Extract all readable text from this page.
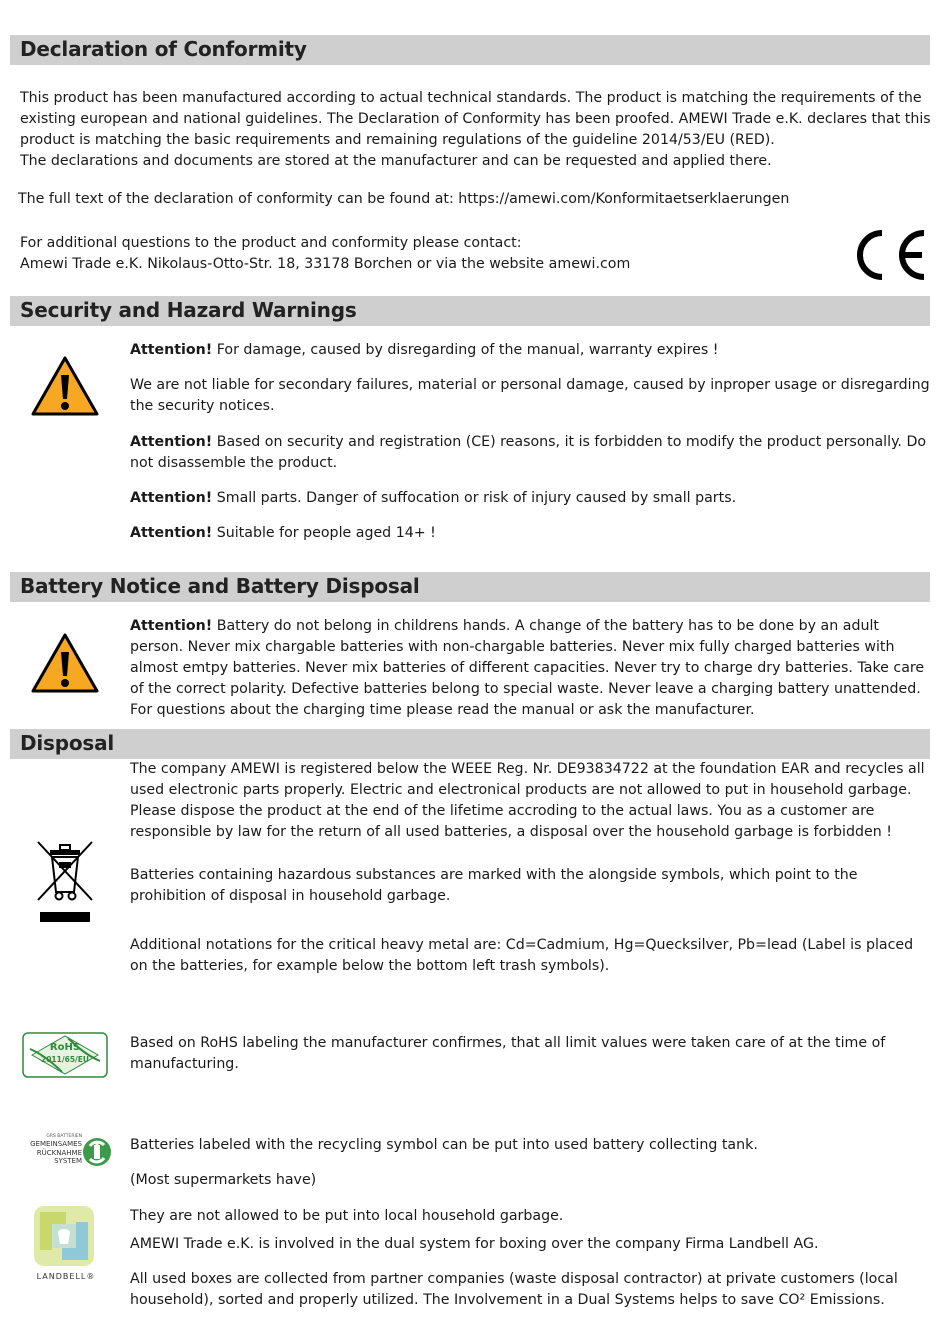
Declaration of Conformity

This product has been manufactured according to actual technical standards. The product is matching the requirements of the existing european and national guidelines. The Declaration of Conformity has been proofed. AMEWI Trade e.K. declares that this product is matching the basic requirements and remaining regulations of the guideline 2014/53/EU (RED).

The declarations and documents are stored at the manufacturer and can be requested and applied there.

The full text of the declaration of conformity can be found at: https://amewi.com/Konformitaetserklaerungen

For additional questions to the product and conformity please contact:

Amewi Trade e.K. Nikolaus-Otto-Str. 18, 33178 Borchen or via the website amewi.com

Security and Hazard Warnings

Attention! For damage, caused by disregarding of the manual, warranty expires !

We are not liable for secondary failures, material or personal damage, caused by inproper usage or disregarding the security notices.

Attention! Based on security and registration (CE) reasons, it is forbidden to modify the product personally. Do not disassemble the product.

Attention! Small parts. Danger of suffocation or risk of injury caused by small parts.

Attention! Suitable for people aged 14+ !

Battery Notice and Battery Disposal

Attention! Battery do not belong in childrens hands. A change of the battery has to be done by an adult person. Never mix chargable batteries with non-chargable batteries. Never mix fully charged batteries with almost emtpy batteries. Never mix batteries of different capacities. Never try to charge dry batteries. Take care of the correct polarity. Defective batteries belong to special waste. Never leave a charging battery unattended. For questions about the charging time please read the manual or ask the manufacturer.

Disposal

The company AMEWI is registered below the WEEE Reg. Nr. DE93834722 at the foundation EAR and recycles all used electronic parts properly. Electric and electronical products are not allowed to put in household garbage. Please dispose the product at the end of the lifetime accroding to the actual laws. You as a customer are responsible by law for the return of all used batteries, a disposal over the household garbage is forbidden !

Batteries containing hazardous substances are marked with the alongside symbols, which point to the prohibition of disposal in household garbage.

Additional notations for the critical heavy metal are: Cd=Cadmium, Hg=Quecksilver, Pb=lead (Label is placed on the batteries, for example below the bottom left trash symbols).

RoHS
2011/65/EU

Based on RoHS labeling the manufacturer confirmes, that all limit values were taken care of at the time of manufacturing.

GRS BATTERIEN
GEMEINSAMES
RÜCKNAHME
SYSTEM

Batteries labeled with the recycling symbol can be put into used battery collecting tank.

(Most supermarkets have)

They are not allowed to be put into local household garbage.

LANDBELL®

AMEWI Trade e.K. is involved in the dual system for boxing over the company Firma Landbell AG.

All used boxes are collected from partner companies (waste disposal contractor) at private customers (local household), sorted and properly utilized. The Involvement in a Dual Systems helps to save CO² Emissions.
